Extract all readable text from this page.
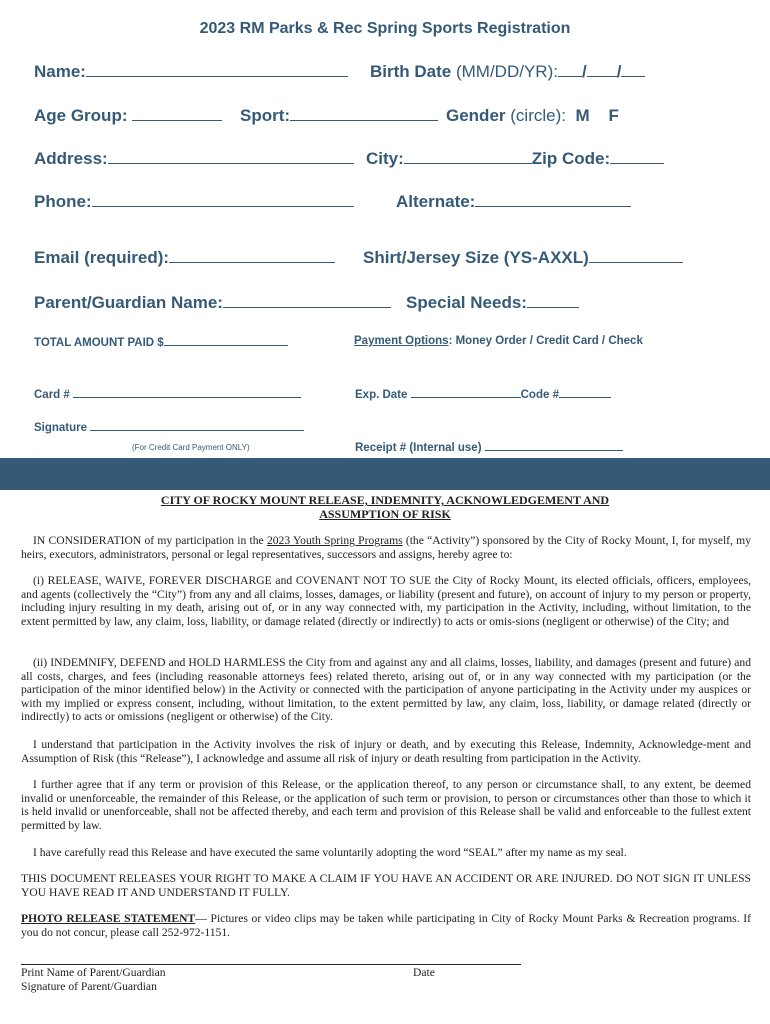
2023 RM Parks & Rec Spring Sports Registration
Name:	Birth Date (MM/DD/YR): / /
Age Group:	Sport:	Gender (circle): M F
Address:	City:	Zip Code:
Phone:	Alternate:
Email (required):	Shirt/Jersey Size (YS-AXXL)
Parent/Guardian Name:	Special Needs:
TOTAL AMOUNT PAID $	Payment Options: Money Order / Credit Card / Check
Card #	Exp. Date	Code #
Signature
(For Credit Card Payment ONLY)	Receipt # (Internal use)
CITY OF ROCKY MOUNT RELEASE, INDEMNITY, ACKNOWLEDGEMENT AND
ASSUMPTION OF RISK
IN CONSIDERATION of my participation in the 2023 Youth Spring Programs (the “Activity”) sponsored by the City of Rocky Mount, I, for myself, my heirs, executors, administrators, personal or legal representatives, successors and assigns, hereby agree to:
(i) RELEASE, WAIVE, FOREVER DISCHARGE and COVENANT NOT TO SUE the City of Rocky Mount, its elected officials, officers, employees, and agents (collectively the “City”) from any and all claims, losses, damages, or liability (present and future), on account of injury to my person or property, including injury resulting in my death, arising out of, or in any way connected with, my participation in the Activity, including, without limitation, to the extent permitted by law, any claim, loss, liability, or damage related (directly or indirectly) to acts or omis-sions (negligent or otherwise) of the City; and
(ii) INDEMNIFY, DEFEND and HOLD HARMLESS the City from and against any and all claims, losses, liability, and damages (present and future) and all costs, charges, and fees (including reasonable attorneys fees) related thereto, arising out of, or in any way connected with my participation (or the participation of the minor identified below) in the Activity or connected with the participation of anyone participating in the Activity under my auspices or with my implied or express consent, including, without limitation, to the extent permitted by law, any claim, loss, liability, or damage related (directly or indirectly) to acts or omissions (negligent or otherwise) of the City.
I understand that participation in the Activity involves the risk of injury or death, and by executing this Release, Indemnity, Acknowledge-ment and Assumption of Risk (this “Release”), I acknowledge and assume all risk of injury or death resulting from participation in the Activity.
I further agree that if any term or provision of this Release, or the application thereof, to any person or circumstance shall, to any extent, be deemed invalid or unenforceable, the remainder of this Release, or the application of such term or provision, to person or circumstances other than those to which it is held invalid or unenforceable, shall not be affected thereby, and each term and provision of this Release shall be valid and enforceable to the fullest extent permitted by law.
I have carefully read this Release and have executed the same voluntarily adopting the word “SEAL” after my name as my seal.
THIS DOCUMENT RELEASES YOUR RIGHT TO MAKE A CLAIM IF YOU HAVE AN ACCIDENT OR ARE INJURED. DO NOT SIGN IT UNLESS YOU HAVE READ IT AND UNDERSTAND IT FULLY.
PHOTO RELEASE STATEMENT— Pictures or video clips may be taken while participating in City of Rocky Mount Parks & Recreation programs. If you do not concur, please call 252-972-1151.
Print Name of Parent/Guardian	Date
Signature of Parent/Guardian
